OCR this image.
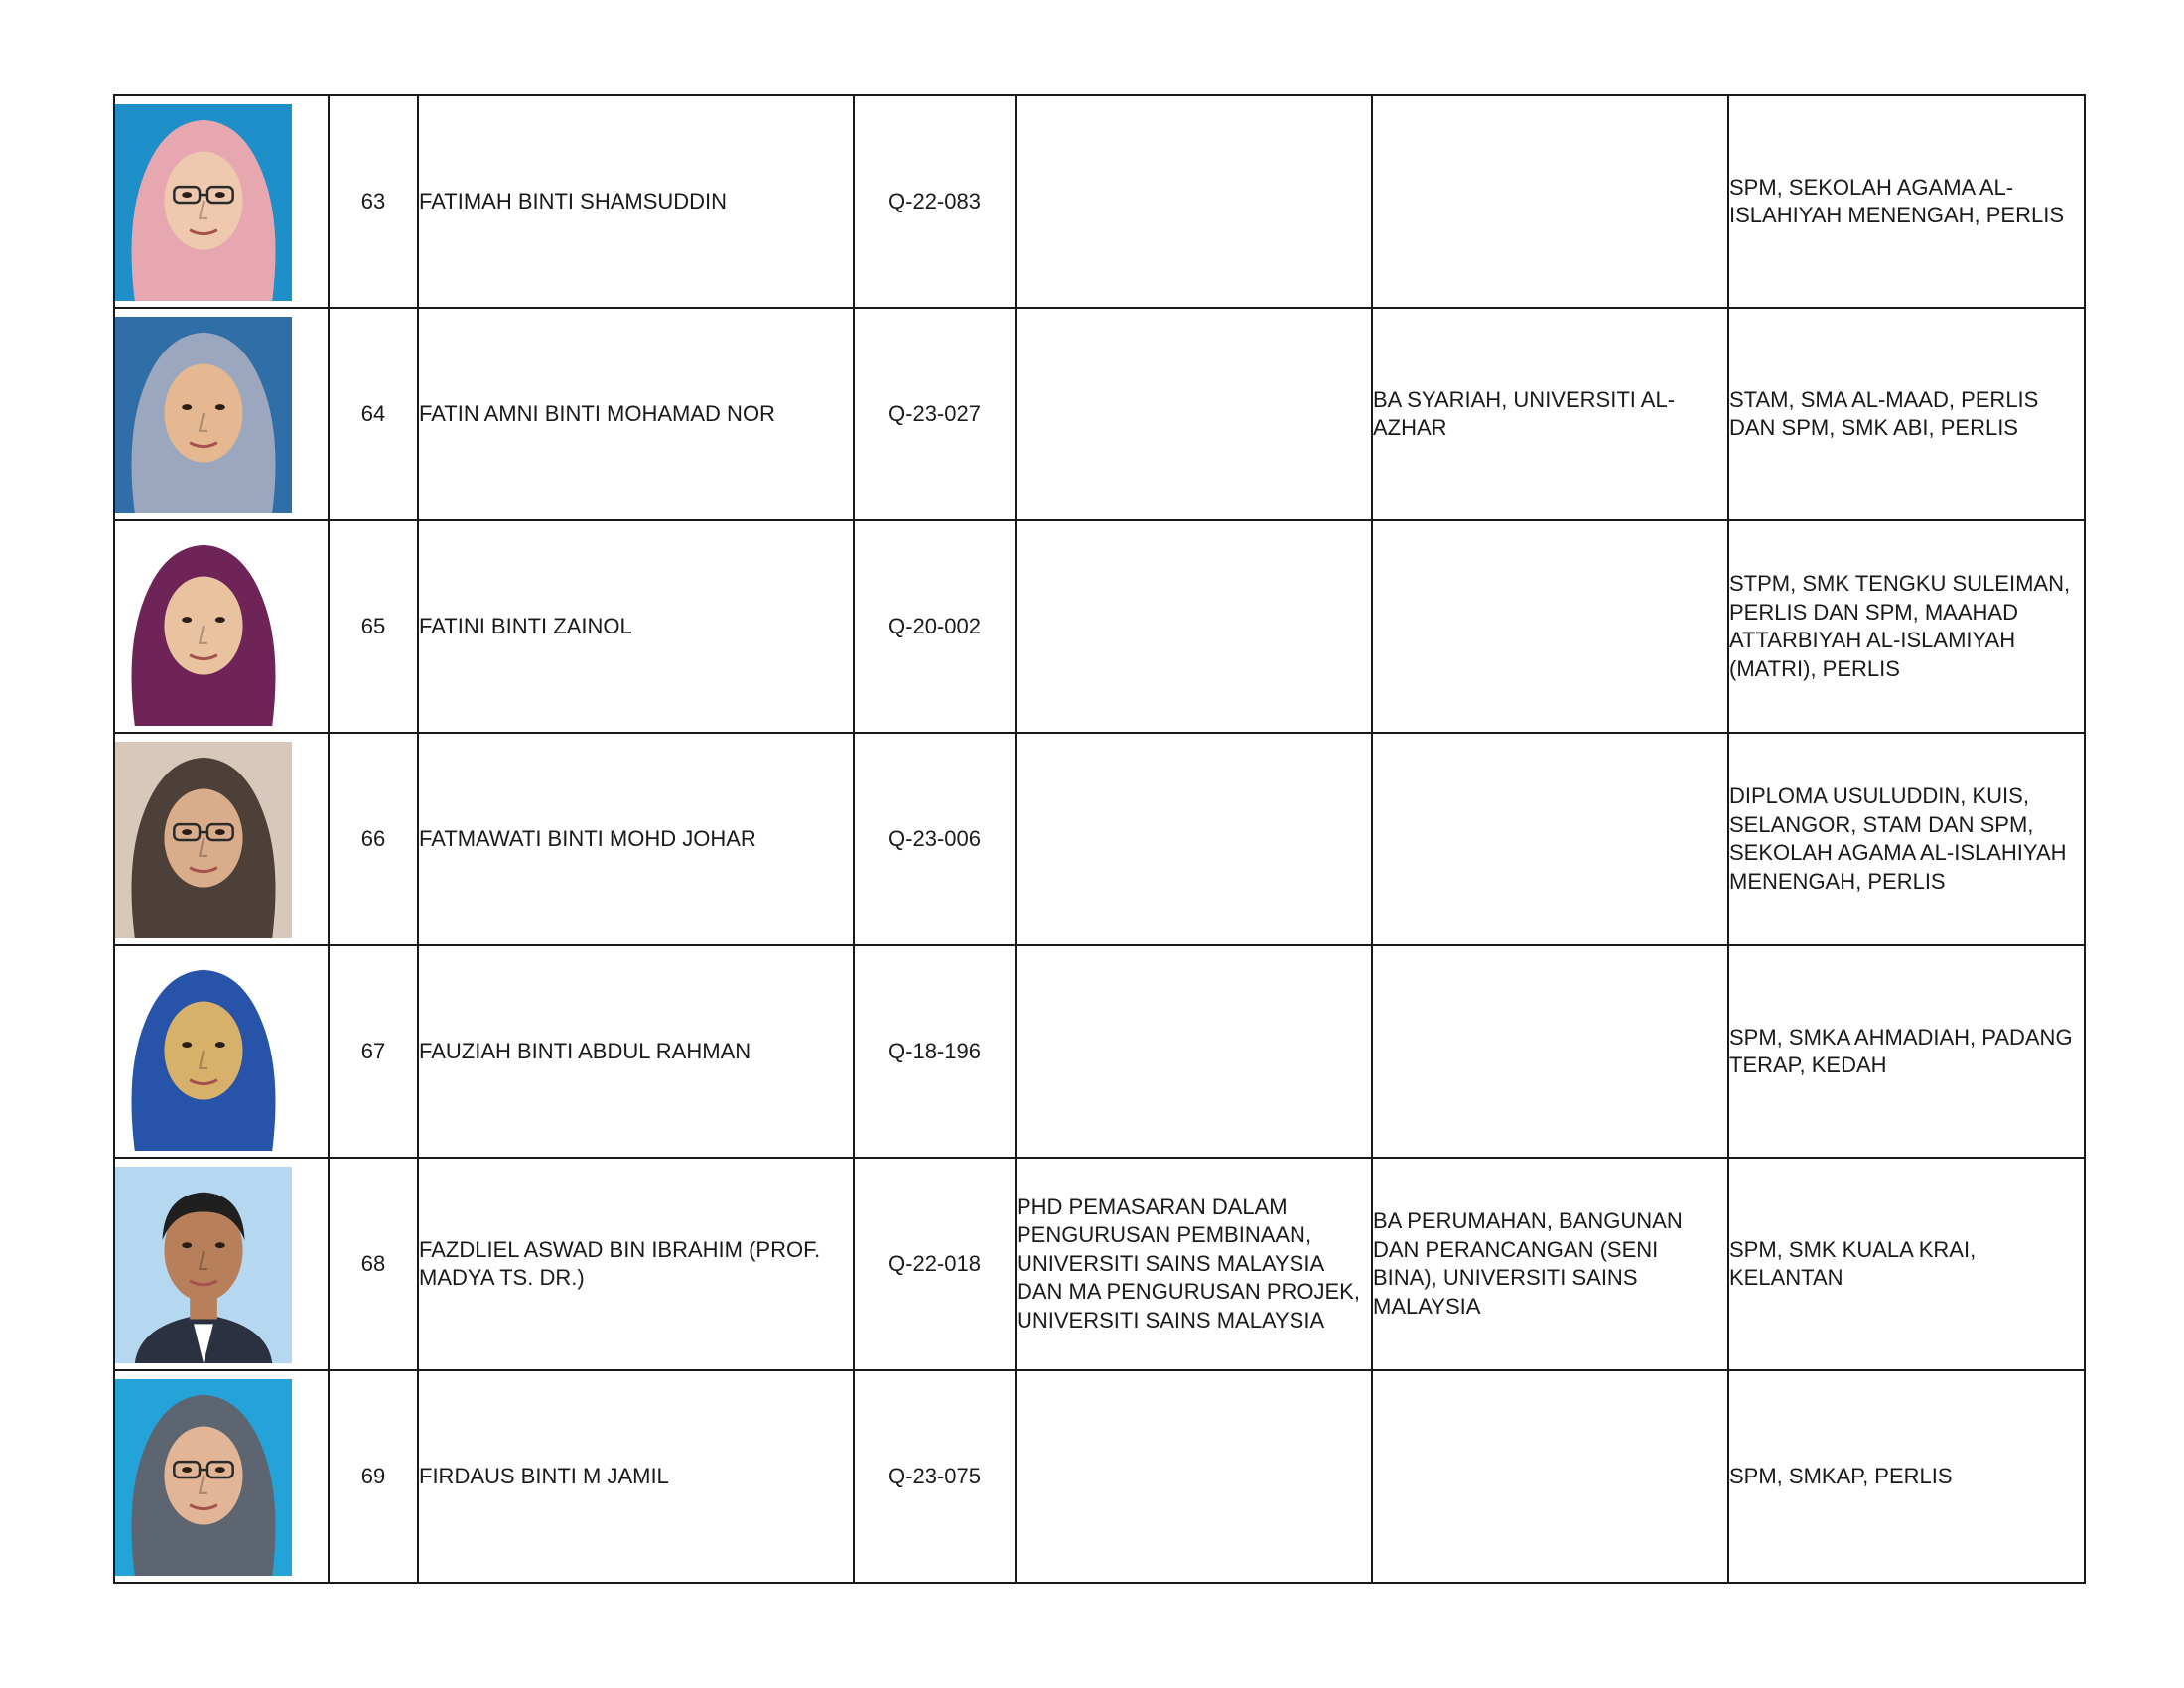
	63	FATIMAH BINTI SHAMSUDDIN	Q-22-083			SPM, SEKOLAH AGAMA AL-ISLAHIYAH MENENGAH, PERLIS

	64	FATIN AMNI BINTI MOHAMAD NOR	Q-23-027		BA SYARIAH, UNIVERSITI AL-AZHAR	STAM, SMA AL-MAAD, PERLIS DAN SPM, SMK ABI, PERLIS

	65	FATINI BINTI ZAINOL	Q-20-002			STPM, SMK TENGKU SULEIMAN, PERLIS DAN SPM, MAAHAD ATTARBIYAH AL-ISLAMIYAH (MATRI), PERLIS

	66	FATMAWATI BINTI MOHD JOHAR	Q-23-006			DIPLOMA USULUDDIN, KUIS, SELANGOR, STAM DAN SPM, SEKOLAH AGAMA AL-ISLAHIYAH MENENGAH, PERLIS

	67	FAUZIAH BINTI ABDUL RAHMAN	Q-18-196			SPM, SMKA AHMADIAH, PADANG TERAP, KEDAH

	68	FAZDLIEL ASWAD BIN IBRAHIM (PROF. MADYA TS. DR.)	Q-22-018	PHD PEMASARAN DALAM PENGURUSAN PEMBINAAN, UNIVERSITI SAINS MALAYSIA DAN MA PENGURUSAN PROJEK, UNIVERSITI SAINS MALAYSIA	BA PERUMAHAN, BANGUNAN DAN PERANCANGAN (SENI BINA), UNIVERSITI SAINS MALAYSIA	SPM, SMK KUALA KRAI, KELANTAN

	69	FIRDAUS BINTI M JAMIL	Q-23-075			SPM, SMKAP, PERLIS
